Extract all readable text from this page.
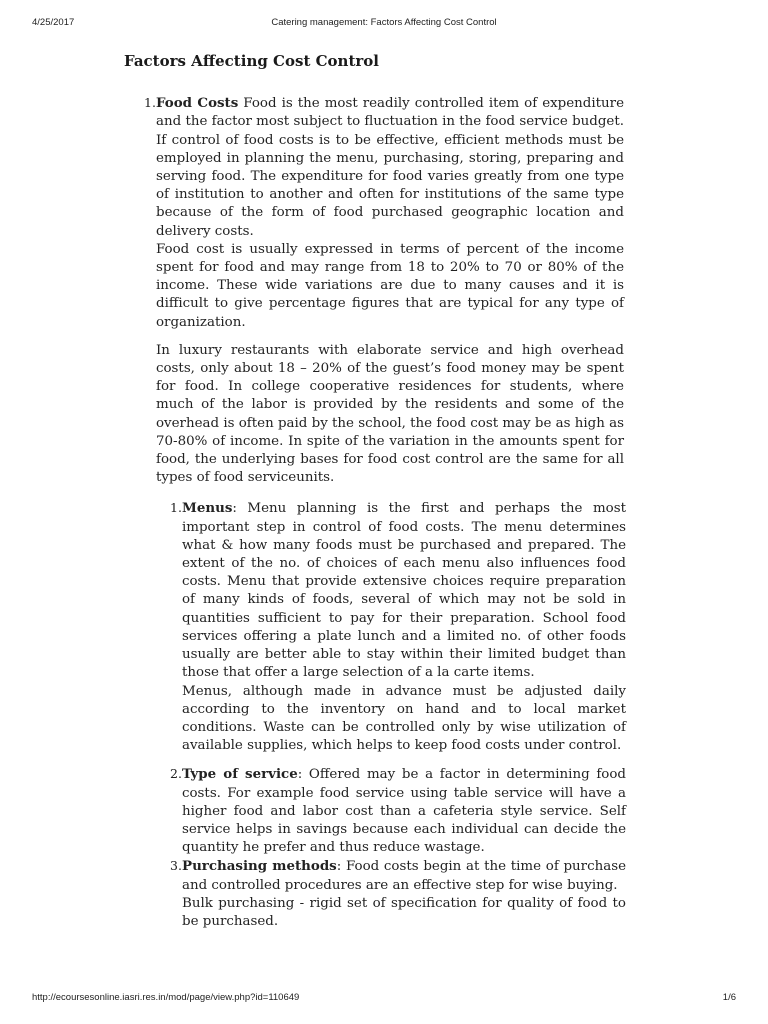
4/25/2017	Catering management: Factors Affecting Cost Control
Factors Affecting Cost Control
1. Food Costs Food is the most readily controlled item of expenditure and the factor most subject to fluctuation in the food service budget. If control of food costs is to be effective, efficient methods must be employed in planning the menu, purchasing, storing, preparing and serving food. The expenditure for food varies greatly from one type of institution to another and often for institutions of the same type because of the form of food purchased geographic location and delivery costs.

Food cost is usually expressed in terms of percent of the income spent for food and may range from 18 to 20% to 70 or 80% of the income. These wide variations are due to many causes and it is difficult to give percentage figures that are typical for any type of organization.

In luxury restaurants with elaborate service and high overhead costs, only about 18 – 20% of the guest’s food money may be spent for food. In college cooperative residences for students, where much of the labor is provided by the residents and some of the overhead is often paid by the school, the food cost may be as high as 70-80% of income. In spite of the variation in the amounts spent for food, the underlying bases for food cost control are the same for all types of food serviceunits.

1. Menus: Menu planning is the first and perhaps the most important step in control of food costs. The menu determines what & how many foods must be purchased and prepared. The extent of the no. of choices of each menu also influences food costs. Menu that provide extensive choices require preparation of many kinds of foods, several of which may not be sold in quantities sufficient to pay for their preparation. School food services offering a plate lunch and a limited no. of other foods usually are better able to stay within their limited budget than those that offer a large selection of a la carte items.

Menus, although made in advance must be adjusted daily according to the inventory on hand and to local market conditions. Waste can be controlled only by wise utilization of available supplies, which helps to keep food costs under control.

2. Type of service: Offered may be a factor in determining food costs. For example food service using table service will have a higher food and labor cost than a cafeteria style service. Self service helps in savings because each individual can decide the quantity he prefer and thus reduce wastage.

3. Purchasing methods: Food costs begin at the time of purchase and controlled procedures are an effective step for wise buying.

Bulk purchasing - rigid set of specification for quality of food to be purchased.

http://ecoursesonline.iasri.res.in/mod/page/view.php?id=110649	1/6
